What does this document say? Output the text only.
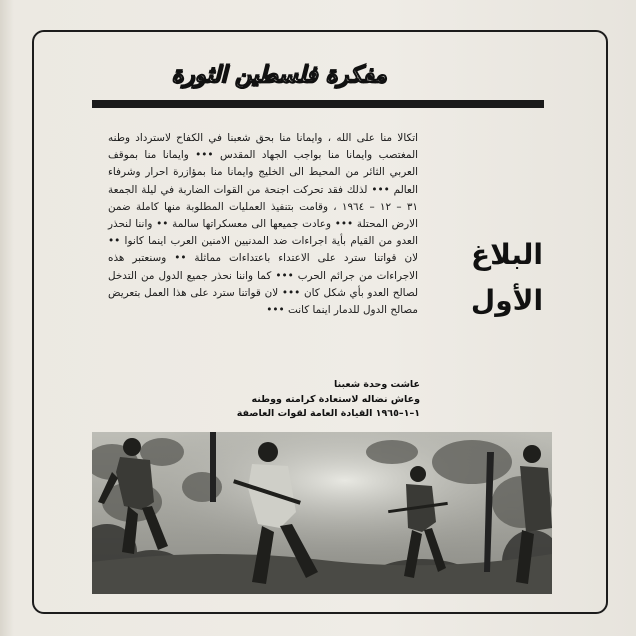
مفكرة فلسطين الثورة
اتكالا منا على الله ، وايمانا منا بحق شعبنا في الكفاح لاسترداد وطنه المغتصب وايمانا منا بواجب الجهاد المقدس ••• وايمانا منا بموقف العربي الثائر من المحيط الى الخليج وايمانا منا بمؤازرة احرار وشرفاء العالم ••• لذلك فقد تحركت اجنحة من القوات الضاربة في ليلة الجمعة ٣١ – ١٢ – ١٩٦٤ ، وقامت بتنفيذ العمليات المطلوبة منها كاملة ضمن الارض المحتلة ••• وعادت جميعها الى معسكراتها سالمة •• واننا لنحذر العدو من القيام بأية اجراءات ضد المدنيين الامنين العرب اينما كانوا •• لان قواتنا سترد على الاعتداء باعتداءات مماثلة •• وسنعتبر هذه الاجراءات من جرائم الحرب ••• كما واننا نحذر جميع الدول من التدخل لصالح العدو بأي شكل كان ••• لان قواتنا سترد على هذا العمل بتعريض مصالح الدول للدمار اينما كانت •••
البلاغ
الأول
عاشت وحدة شعبنا
وعاش نضاله لاستعادة كرامته ووطنه
١–١–١٩٦٥ القيادة العامة لقوات العاصفة
